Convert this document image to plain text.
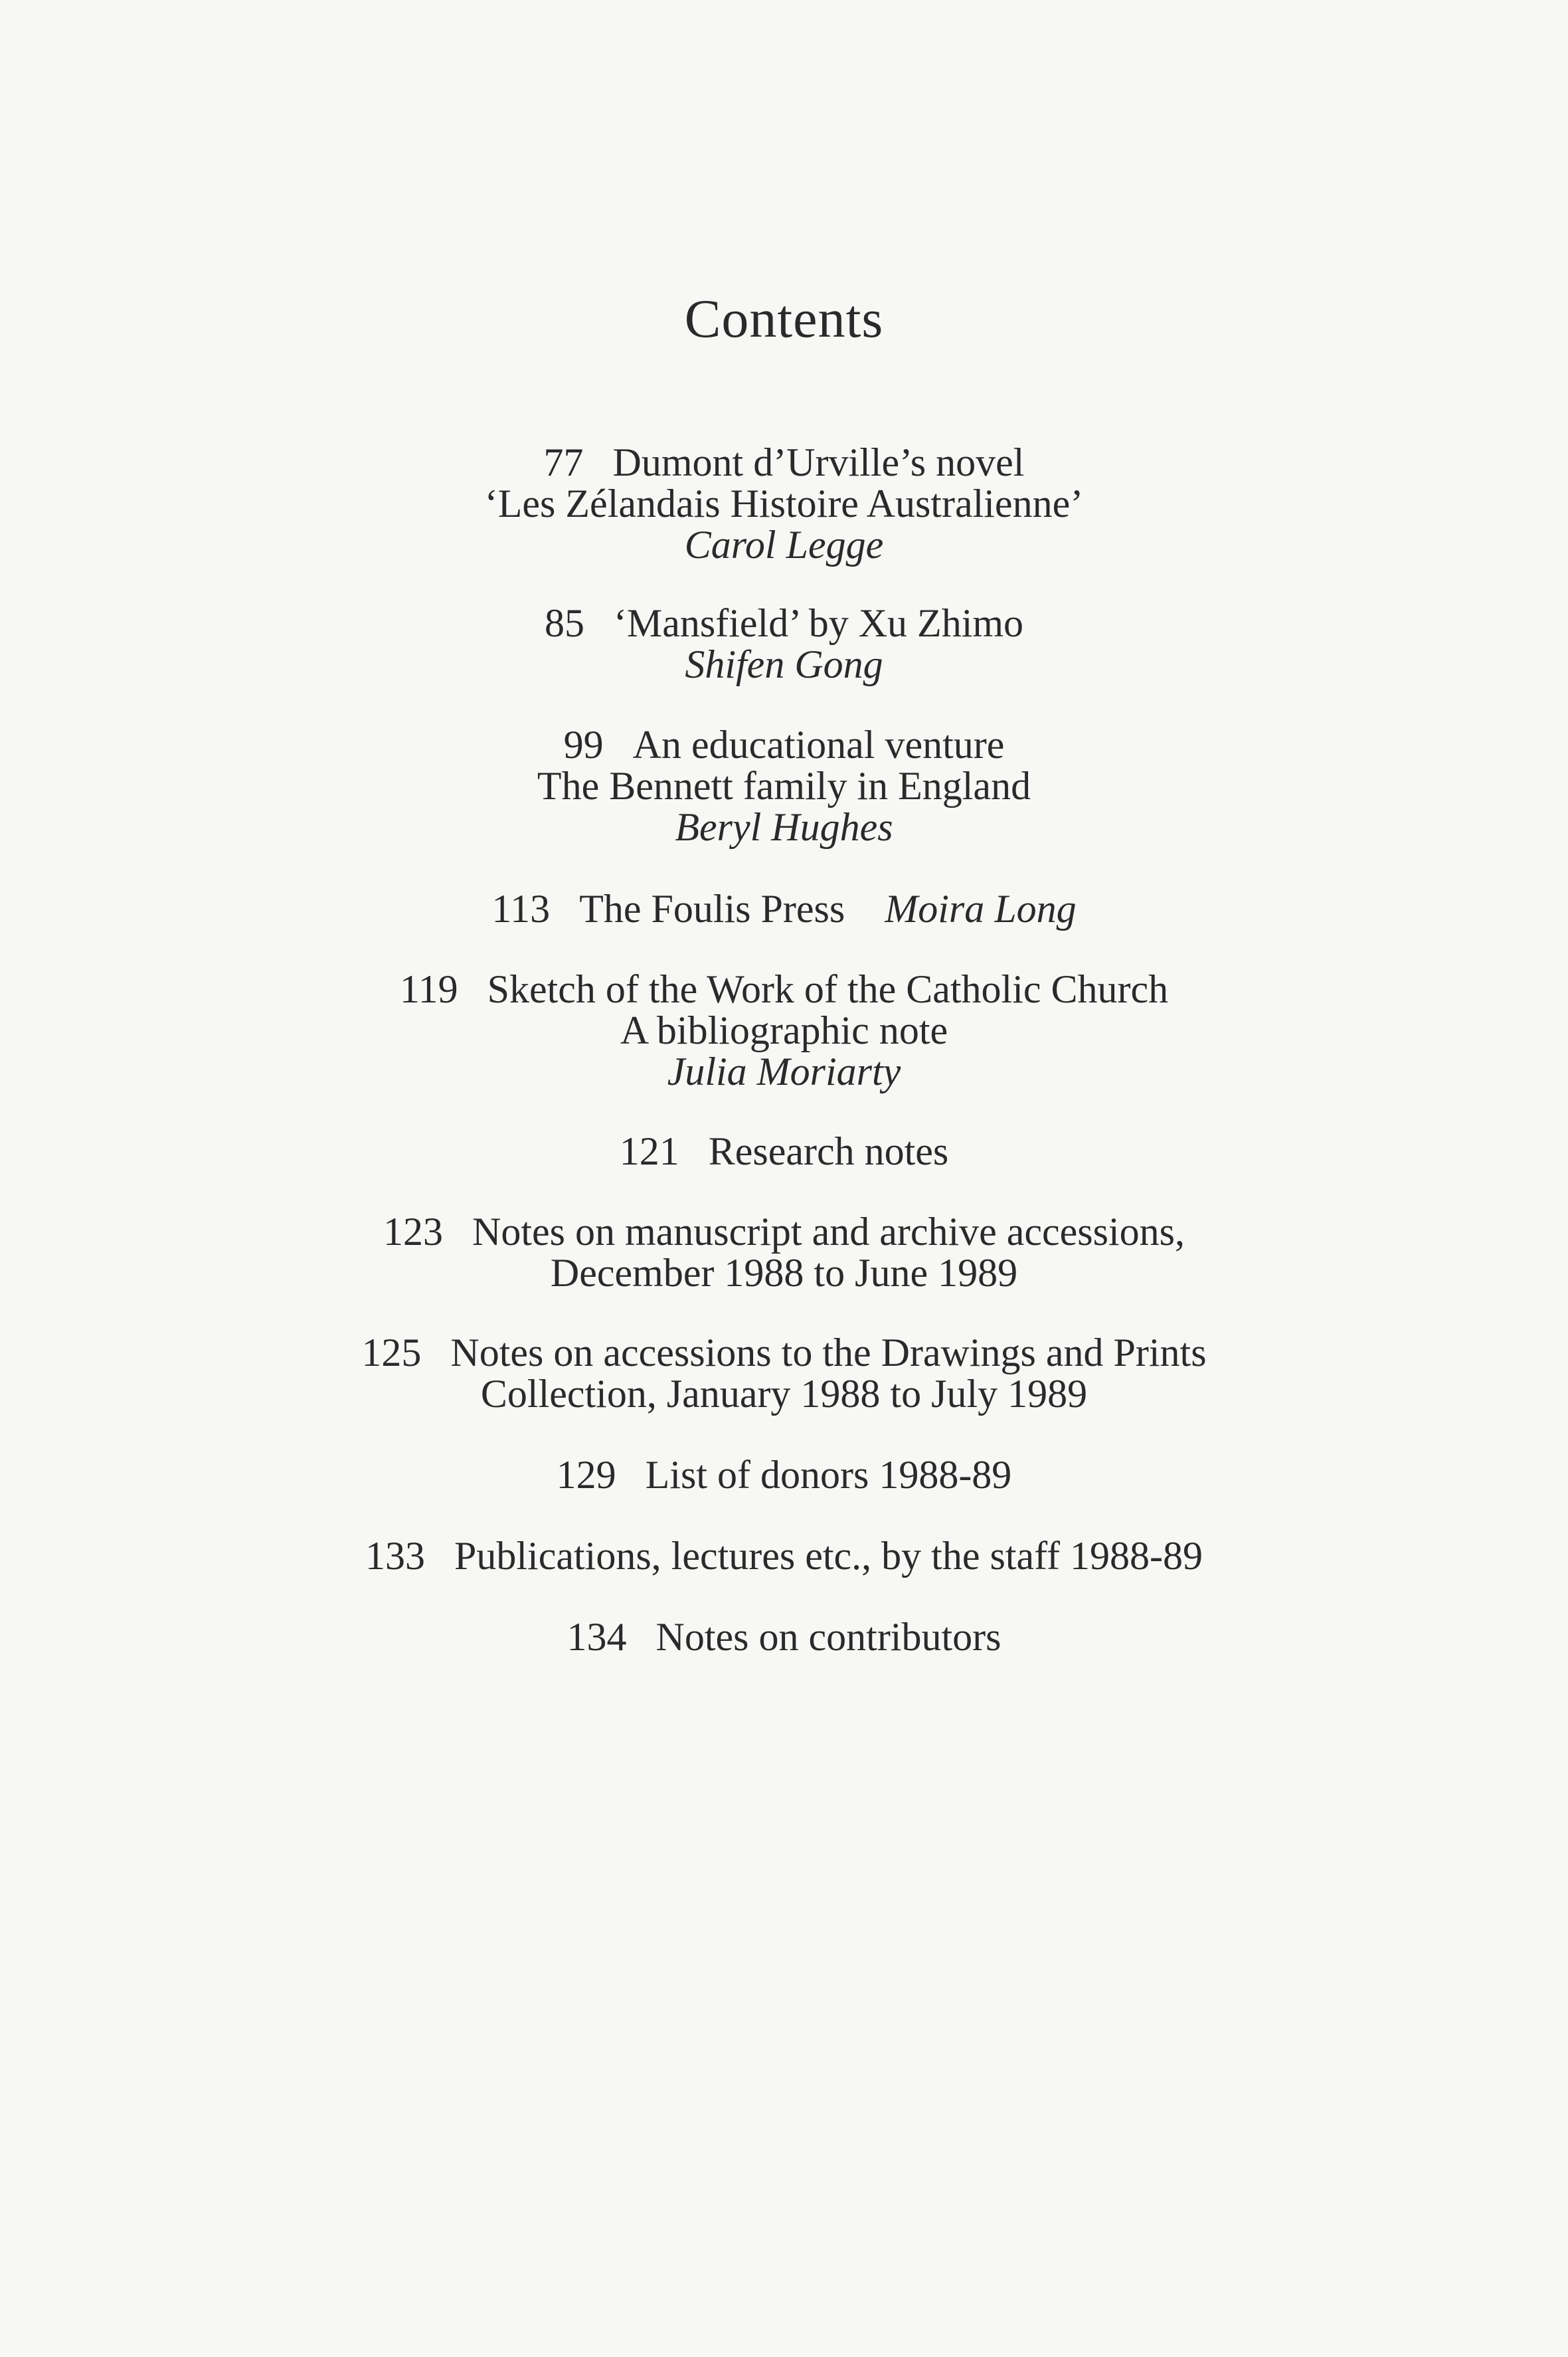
Contents
77 Dumont d’Urville’s novel
‘Les Zélandais Histoire Australienne’
Carol Legge
85 ‘Mansfield’ by Xu Zhimo
Shifen Gong
99 An educational venture
The Bennett family in England
Beryl Hughes
113 The Foulis Press Moira Long
119 Sketch of the Work of the Catholic Church
A bibliographic note
Julia Moriarty
121 Research notes
123 Notes on manuscript and archive accessions,
December 1988 to June 1989
125 Notes on accessions to the Drawings and Prints
Collection, January 1988 to July 1989
129 List of donors 1988-89
133 Publications, lectures etc., by the staff 1988-89
134 Notes on contributors
